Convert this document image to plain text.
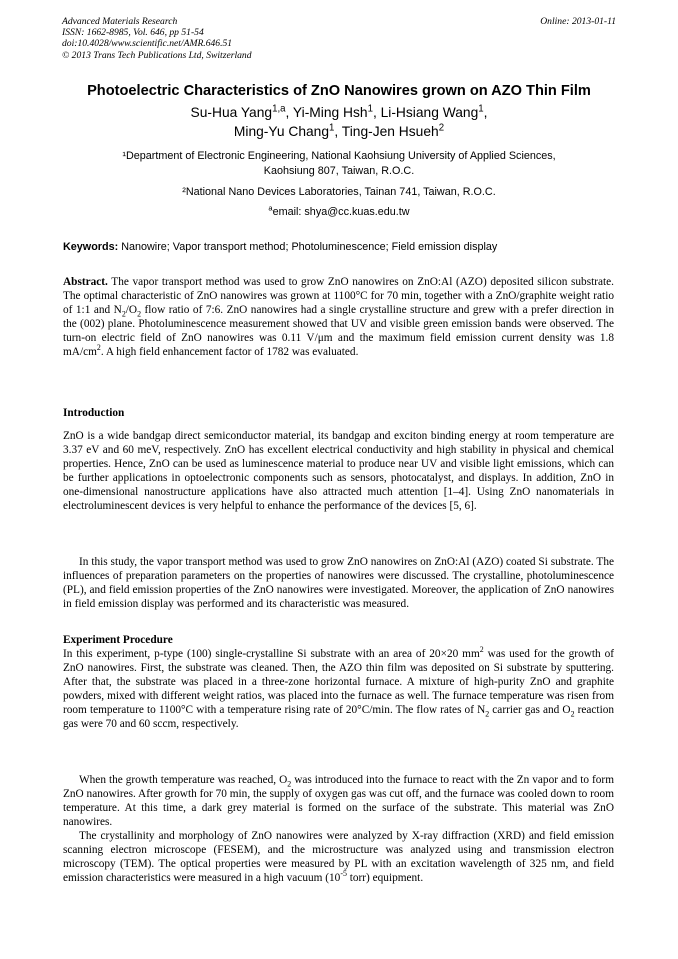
Advanced Materials Research
ISSN: 1662-8985, Vol. 646, pp 51-54
doi:10.4028/www.scientific.net/AMR.646.51
© 2013 Trans Tech Publications Ltd, Switzerland
Online: 2013-01-11
Photoelectric Characteristics of ZnO Nanowires grown on AZO Thin Film
Su-Hua Yang$^{1,a}$, Yi-Ming Hsh$^1$, Li-Hsiang Wang$^1$,
Ming-Yu Chang$^1$, Ting-Jen Hsueh$^2$
¹Department of Electronic Engineering, National Kaohsiung University of Applied Sciences,
Kaohsiung 807, Taiwan, R.O.C.
²National Nano Devices Laboratories, Tainan 741, Taiwan, R.O.C.
$^a$email: shya@cc.kuas.edu.tw
Keywords: Nanowire; Vapor transport method; Photoluminescence; Field emission display
Abstract. The vapor transport method was used to grow ZnO nanowires on ZnO:Al (AZO) deposited silicon substrate. The optimal characteristic of ZnO nanowires was grown at 1100°C for 70 min, together with a ZnO/graphite weight ratio of 1:1 and $N_2/O_2$ flow ratio of 7:6. ZnO nanowires had a single crystalline structure and grew with a prefer direction in the (002) plane. Photoluminescence measurement showed that UV and visible green emission bands were observed. The turn-on electric field of ZnO nanowires was 0.11 V/μm and the maximum field emission current density was 1.8 $mA/cm^2$. A high field enhancement factor of 1782 was evaluated.
Introduction
ZnO is a wide bandgap direct semiconductor material, its bandgap and exciton binding energy at room temperature are 3.37 eV and 60 meV, respectively. ZnO has excellent electrical conductivity and high stability in physical and chemical properties. Hence, ZnO can be used as luminescence material to produce near UV and visible light emissions, which can be further applications in optoelectronic components such as sensors, photocatalyst, and displays. In addition, ZnO in one-dimensional nanostructure applications have also attracted much attention [1–4]. Using ZnO nanomaterials in electroluminescent devices is very helpful to enhance the performance of the devices [5, 6].
In this study, the vapor transport method was used to grow ZnO nanowires on ZnO:Al (AZO) coated Si substrate. The influences of preparation parameters on the properties of nanowires were discussed. The crystalline, photoluminescence (PL), and field emission properties of the ZnO nanowires were investigated. Moreover, the application of ZnO nanowires in field emission display was performed and its characteristic was measured.
Experiment Procedure
In this experiment, p-type (100) single-crystalline Si substrate with an area of 20×20 $mm^2$ was used for the growth of ZnO nanowires. First, the substrate was cleaned. Then, the AZO thin film was deposited on Si substrate by sputtering. After that, the substrate was placed in a three-zone horizontal furnace. A mixture of high-purity ZnO and graphite powders, mixed with different weight ratios, was placed into the furnace as well. The furnace temperature was risen from room temperature to 1100°C with a temperature rising rate of 20°C/min. The flow rates of $N_2$ carrier gas and $O_2$ reaction gas were 70 and 60 sccm, respectively.
When the growth temperature was reached, $O_2$ was introduced into the furnace to react with the Zn vapor and to form ZnO nanowires. After growth for 70 min, the supply of oxygen gas was cut off, and the furnace was cooled down to room temperature. At this time, a dark grey material is formed on the surface of the substrate. This material was ZnO nanowires.
The crystallinity and morphology of ZnO nanowires were analyzed by X-ray diffraction (XRD) and field emission scanning electron microscope (FESEM), and the microstructure was analyzed using and transmission electron microscopy (TEM). The optical properties were measured by PL with an excitation wavelength of 325 nm, and field emission characteristics were measured in a high vacuum ($10^{-5}$ torr) equipment.
